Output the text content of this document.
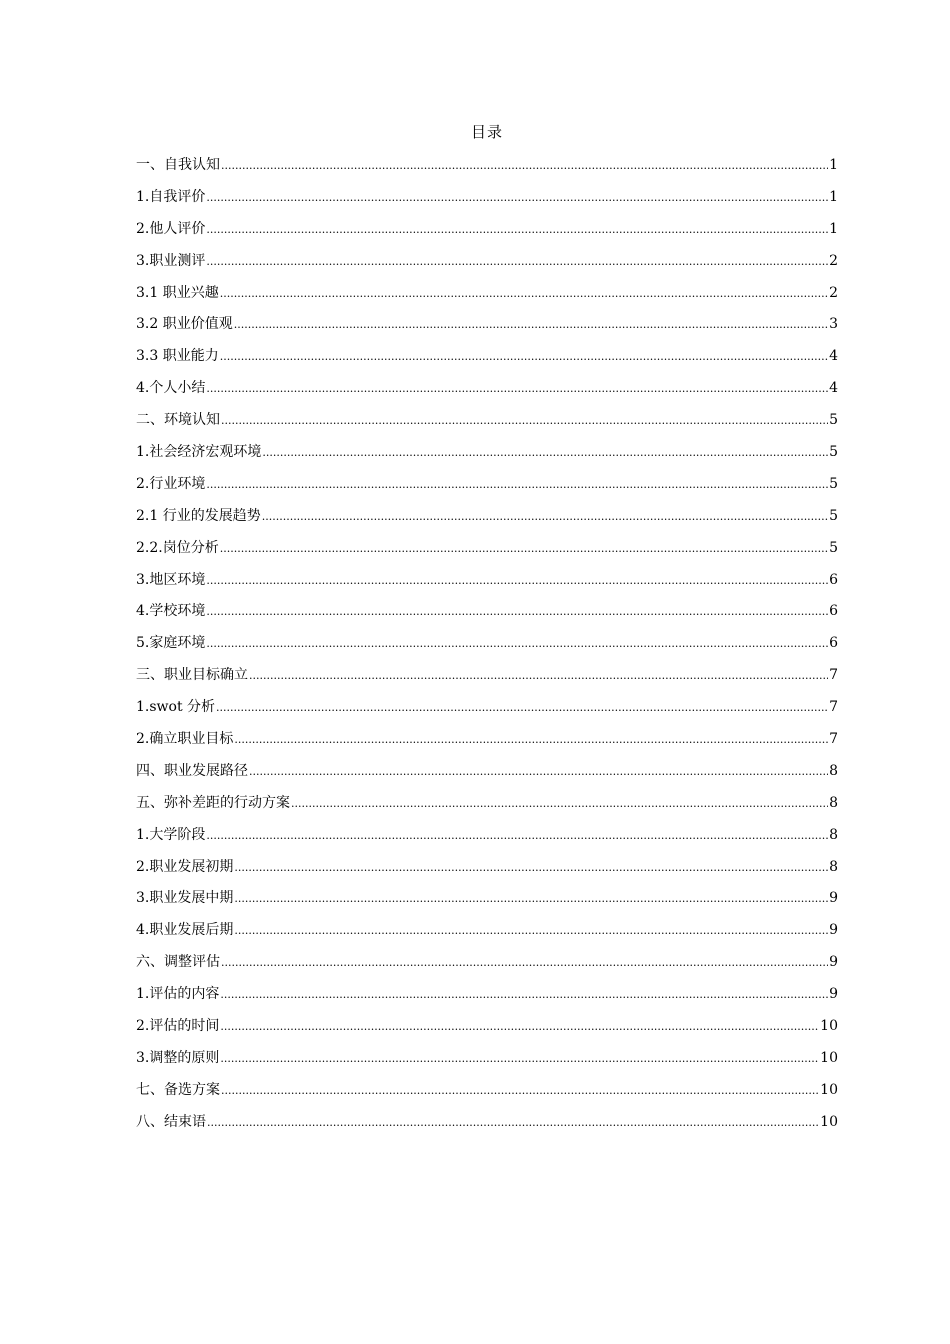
目录
一、自我认知 .....	1
1.自我评价 .....	1
2.他人评价 .....	1
3.职业测评 .....	2
3.1 职业兴趣 .....	2
3.2 职业价值观 .....	3
3.3 职业能力 .....	4
4.个人小结 .....	4
二、环境认知 .....	5
1.社会经济宏观环境 .....	5
2.行业环境 .....	5
2.1 行业的发展趋势 .....	5
2.2.岗位分析 .....	5
3.地区环境 .....	6
4.学校环境 .....	6
5.家庭环境 .....	6
三、职业目标确立 .....	7
1.swot 分析 .....	7
2.确立职业目标 .....	7
四、职业发展路径 .....	8
五、弥补差距的行动方案 .....	8
1.大学阶段 .....	8
2.职业发展初期 .....	8
3.职业发展中期 .....	9
4.职业发展后期 .....	9
六、调整评估 .....	9
1.评估的内容 .....	9
2.评估的时间 .....	10
3.调整的原则 .....	10
七、备选方案 .....	10
八、结束语 .....	10
